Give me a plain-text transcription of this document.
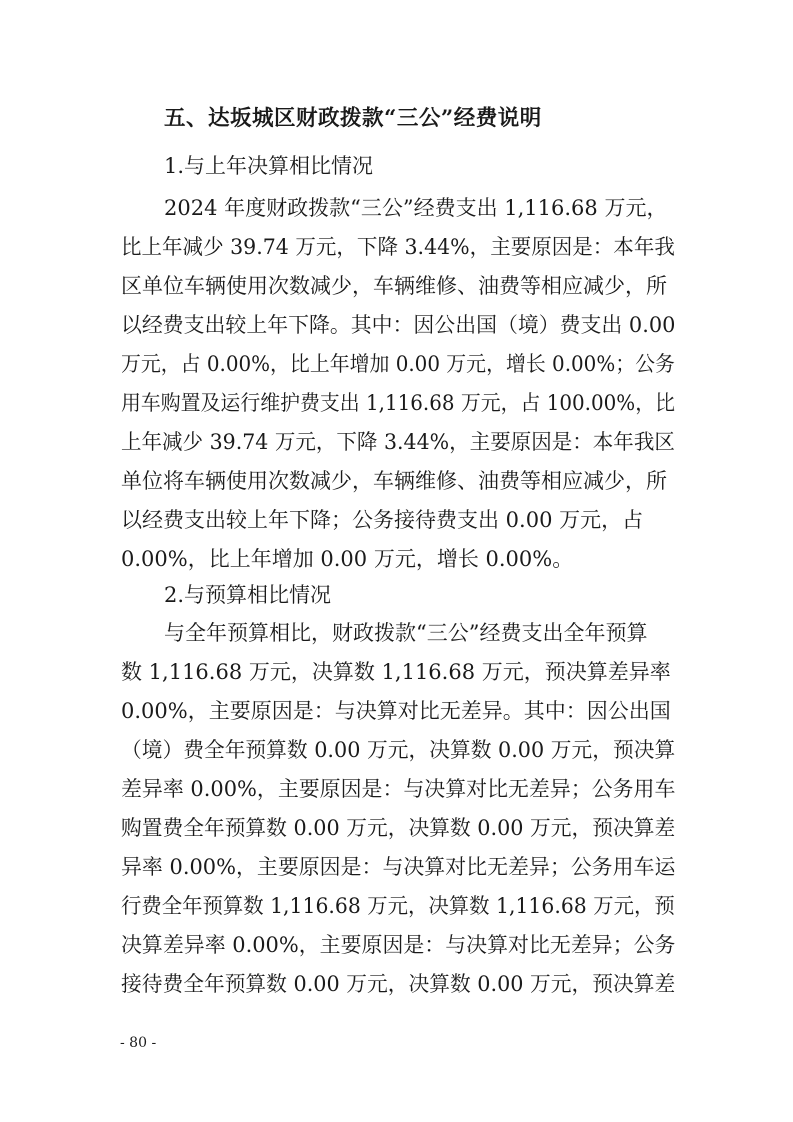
五、达坂城区财政拨款“三公”经费说明
1.与上年决算相比情况
2024 年度财政拨款“三公”经费支出 1,116.68 万元，
比上年减少 39.74 万元，下降 3.44%，主要原因是：本年我
区单位车辆使用次数减少，车辆维修、油费等相应减少，所
以经费支出较上年下降。其中：因公出国（境）费支出 0.00
万元，占 0.00%，比上年增加 0.00 万元，增长 0.00%；公务
用车购置及运行维护费支出 1,116.68 万元，占 100.00%，比
上年减少 39.74 万元，下降 3.44%，主要原因是：本年我区
单位将车辆使用次数减少，车辆维修、油费等相应减少，所
以经费支出较上年下降；公务接待费支出 0.00 万元，占
0.00%，比上年增加 0.00 万元，增长 0.00%。
2.与预算相比情况
与全年预算相比，财政拨款“三公”经费支出全年预算
数 1,116.68 万元，决算数 1,116.68 万元，预决算差异率
0.00%，主要原因是：与决算对比无差异。其中：因公出国
（境）费全年预算数 0.00 万元，决算数 0.00 万元，预决算
差异率 0.00%，主要原因是：与决算对比无差异；公务用车
购置费全年预算数 0.00 万元，决算数 0.00 万元，预决算差
异率 0.00%，主要原因是：与决算对比无差异；公务用车运
行费全年预算数 1,116.68 万元，决算数 1,116.68 万元，预
决算差异率 0.00%，主要原因是：与决算对比无差异；公务
接待费全年预算数 0.00 万元，决算数 0.00 万元，预决算差
- 80 -
